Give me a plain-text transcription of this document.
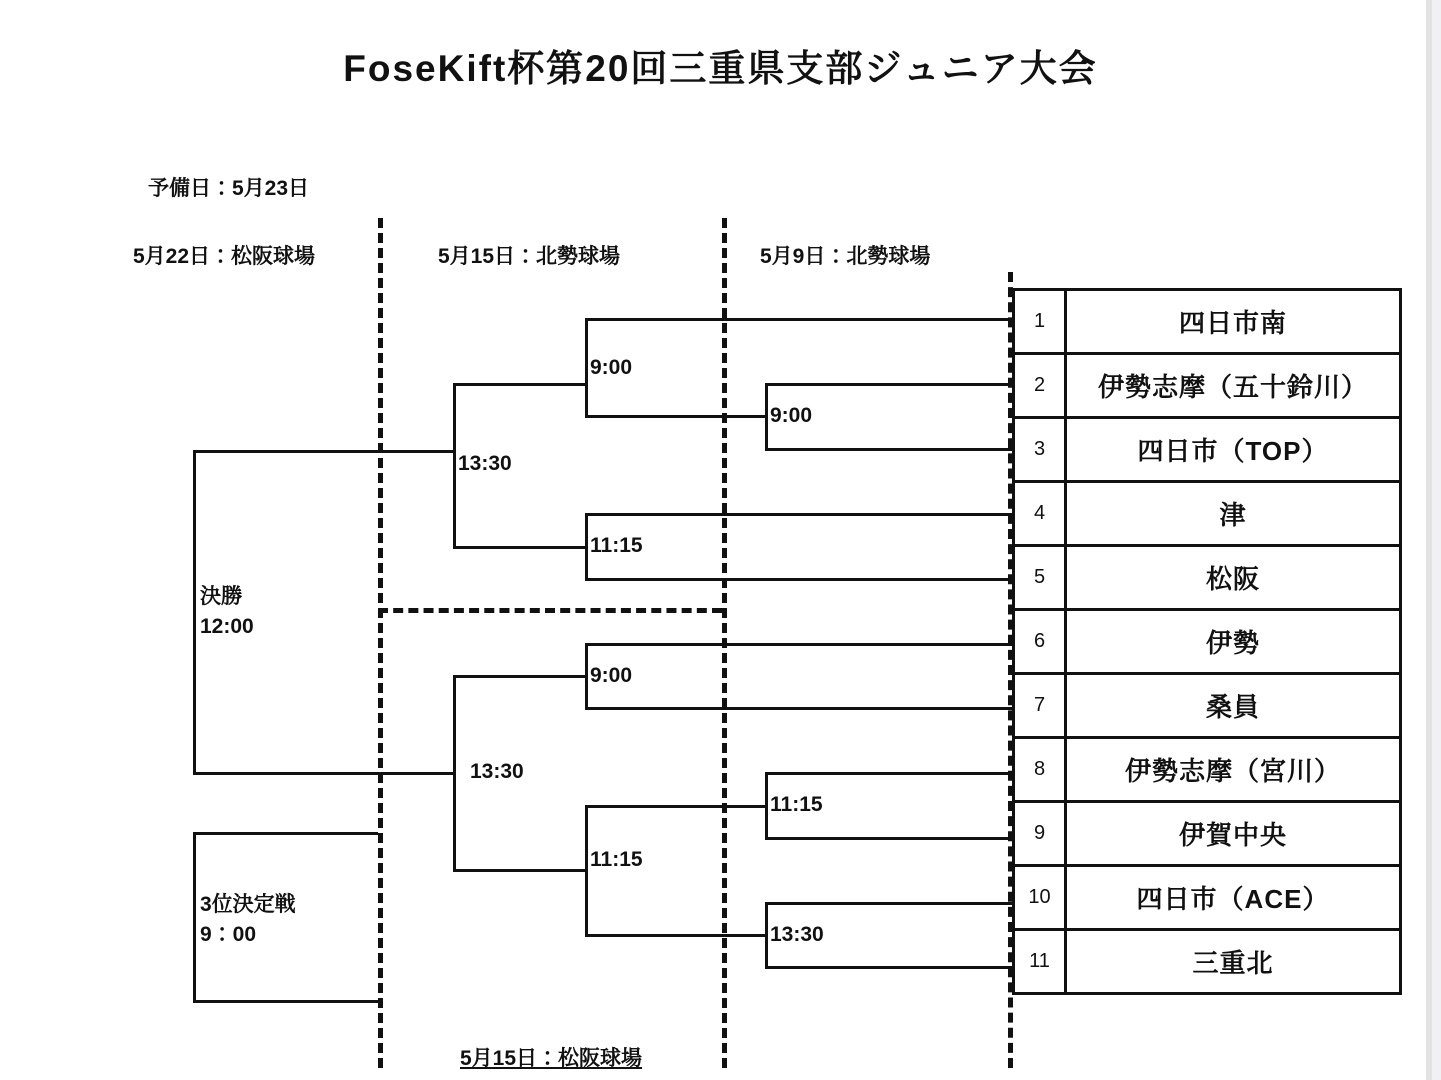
FoseKift杯第20回三重県支部ジュニア大会
予備日：5月23日
5月22日：松阪球場	5月15日：北勢球場	5月9日：北勢球場
5月15日：松阪球場
9:00
11:15
13:30
9:00
11:15
9:00
11:15
13:30
13:30
決勝
12:00
3位決定戦
9：00
1	四日市南
2	伊勢志摩（五十鈴川）
3	四日市（TOP）
4	津
5	松阪
6	伊勢
7	桑員
8	伊勢志摩（宮川）
9	伊賀中央
10	四日市（ACE）
11	三重北
